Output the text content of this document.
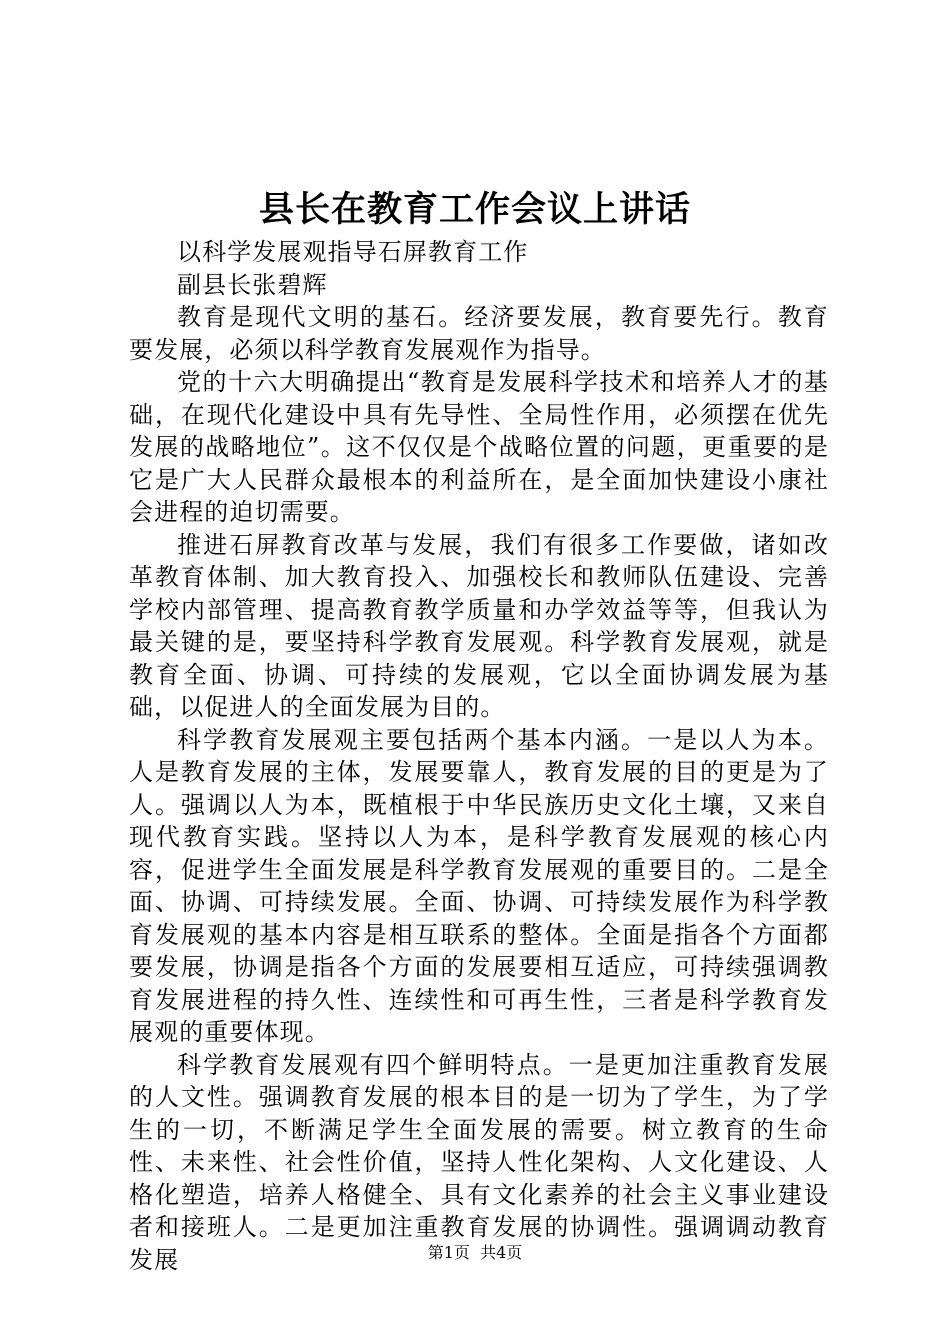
县长在教育工作会议上讲话

以科学发展观指导石屏教育工作

副县长张碧辉

教育是现代文明的基石。经济要发展，教育要先行。教育要发展，必须以科学教育发展观作为指导。

党的十六大明确提出“教育是发展科学技术和培养人才的基础，在现代化建设中具有先导性、全局性作用，必须摆在优先发展的战略地位”。这不仅仅是个战略位置的问题，更重要的是它是广大人民群众最根本的利益所在，是全面加快建设小康社会进程的迫切需要。

推进石屏教育改革与发展，我们有很多工作要做，诸如改革教育体制、加大教育投入、加强校长和教师队伍建设、完善学校内部管理、提高教育教学质量和办学效益等等，但我认为最关键的是，要坚持科学教育发展观。科学教育发展观，就是教育全面、协调、可持续的发展观，它以全面协调发展为基础，以促进人的全面发展为目的。

科学教育发展观主要包括两个基本内涵。一是以人为本。人是教育发展的主体，发展要靠人，教育发展的目的更是为了人。强调以人为本，既植根于中华民族历史文化土壤，又来自现代教育实践。坚持以人为本，是科学教育发展观的核心内容，促进学生全面发展是科学教育发展观的重要目的。二是全面、协调、可持续发展。全面、协调、可持续发展作为科学教育发展观的基本内容是相互联系的整体。全面是指各个方面都要发展，协调是指各个方面的发展要相互适应，可持续强调教育发展进程的持久性、连续性和可再生性，三者是科学教育发展观的重要体现。

科学教育发展观有四个鲜明特点。一是更加注重教育发展的人文性。强调教育发展的根本目的是一切为了学生，为了学生的一切，不断满足学生全面发展的需要。树立教育的生命性、未来性、社会性价值，坚持人性化架构、人文化建设、人格化塑造，培养人格健全、具有文化素养的社会主义事业建设者和接班人。二是更加注重教育发展的协调性。强调调动教育发展	第1页  共4页
